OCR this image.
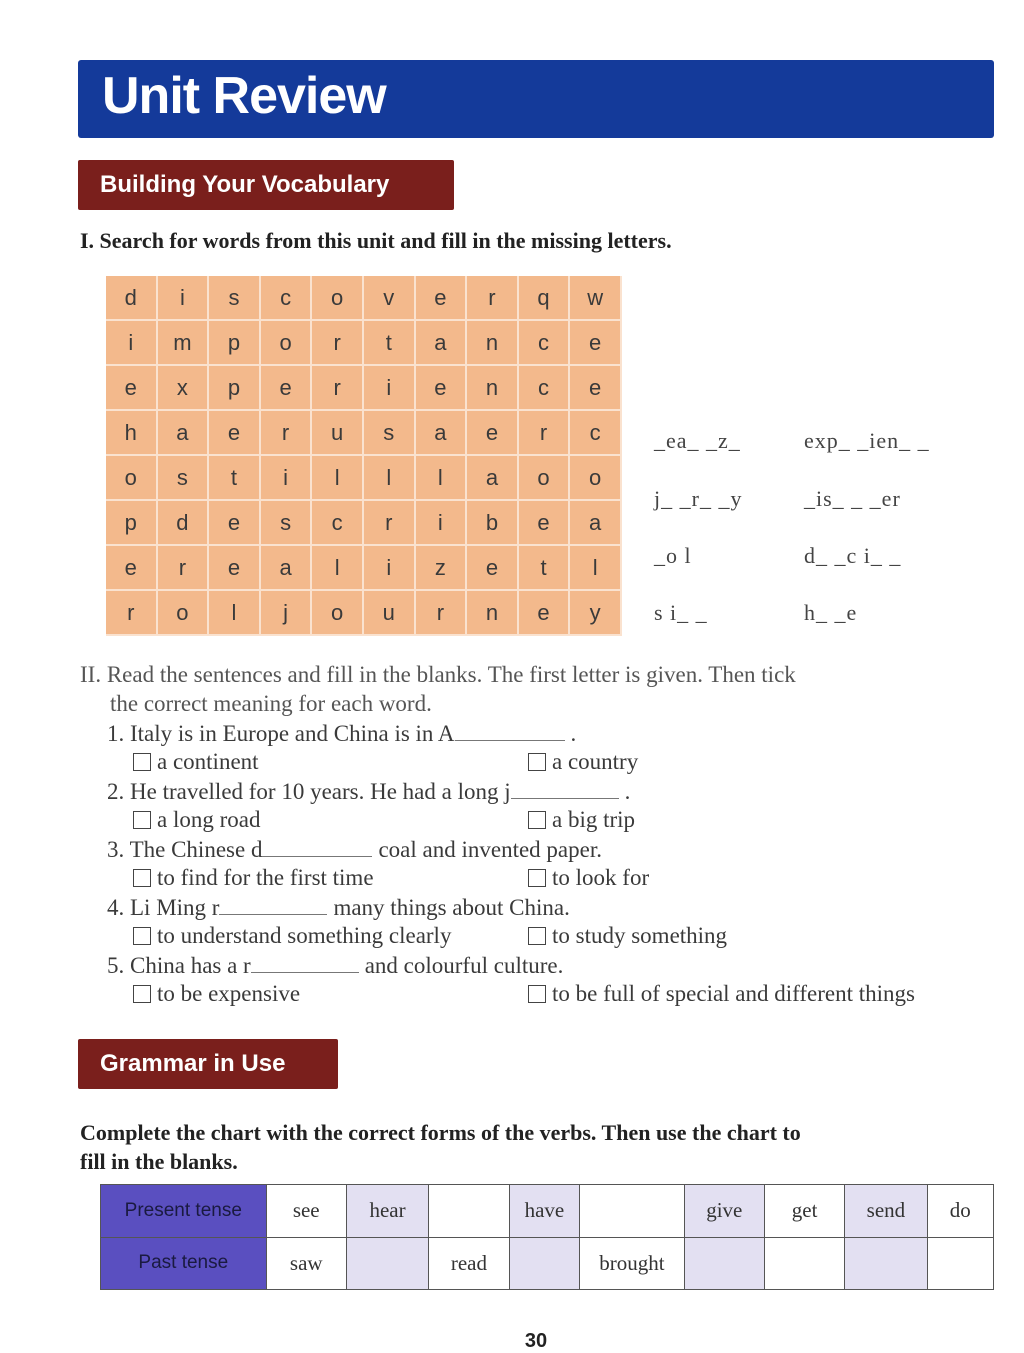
Unit Review
Building Your Vocabulary
I. Search for words from this unit and fill in the missing letters.
d	i	s	c	o	v	e	r	q	w
i	m	p	o	r	t	a	n	c	e
e	x	p	e	r	i	e	n	c	e
h	a	e	r	u	s	a	e	r	c
o	s	t	i	l	l	l	a	o	o
p	d	e	s	c	r	i	b	e	a
e	r	e	a	l	i	z	e	t	l
r	o	l	j	o	u	r	n	e	y
_ea_ _z_	exp_ _ien_ _
j_ _r_ _y	_is_ _ _er
_o l	d_ _c i_ _
s i_ _	h_ _e
II. Read the sentences and fill in the blanks. The first letter is given. Then tick
the correct meaning for each word.
1. Italy is in Europe and China is in A	.
a continent	a country
2. He travelled for 10 years. He had a long j	.
a long road	a big trip
3. The Chinese d	coal and invented paper.
to find for the first time	to look for
4. Li Ming r	many things about China.
to understand something clearly	to study something
5. China has a r	and colourful culture.
to be expensive	to be full of special and different things
Grammar in Use
Complete the chart with the correct forms of the verbs. Then use the chart to
fill in the blanks.
Present tense	see	hear		have		give	get	send	do
Past tense	saw		read		brought				
30
